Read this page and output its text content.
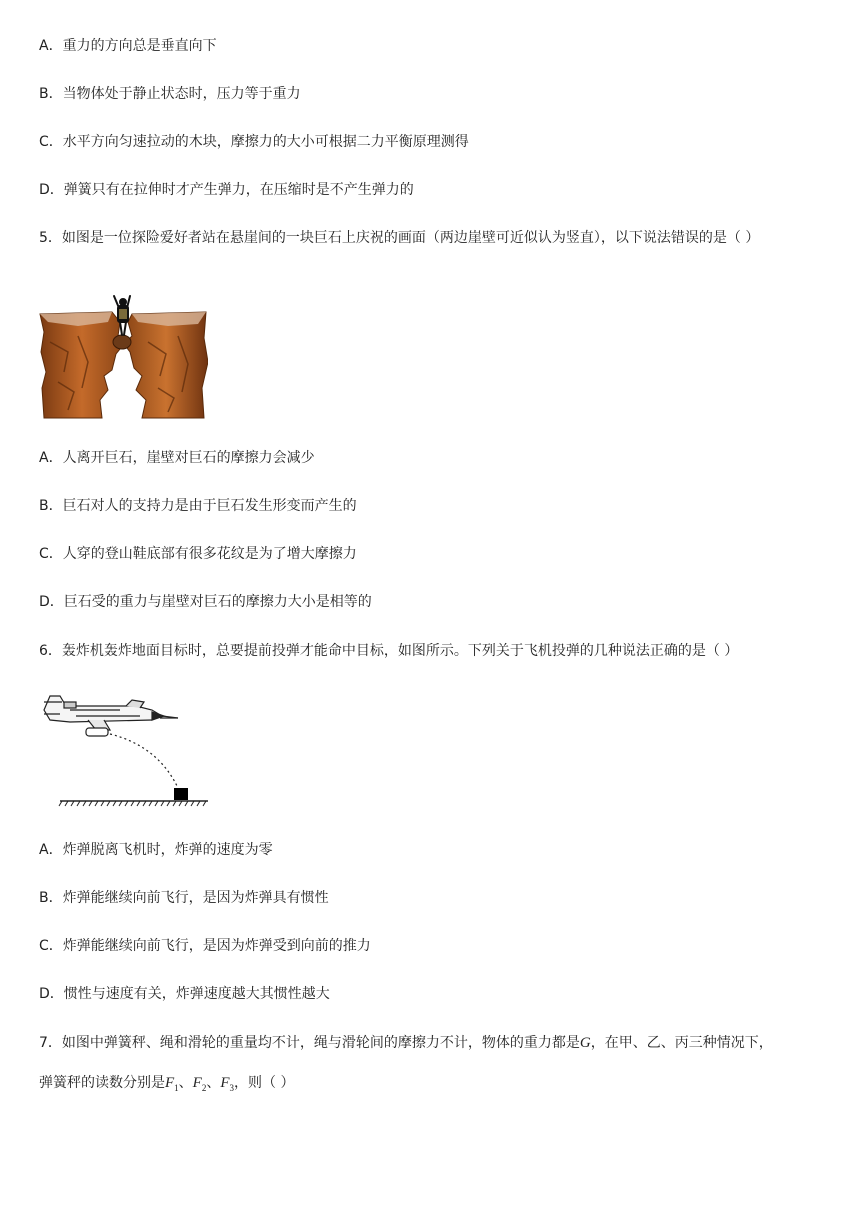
A．重力的方向总是垂直向下
B．当物体处于静止状态时，压力等于重力
C．水平方向匀速拉动的木块，摩擦力的大小可根据二力平衡原理测得
D．弹簧只有在拉伸时才产生弹力，在压缩时是不产生弹力的
5．如图是一位探险爱好者站在悬崖间的一块巨石上庆祝的画面（两边崖壁可近似认为竖直），以下说法错误的是（ ）
A．人离开巨石，崖壁对巨石的摩擦力会减少
B．巨石对人的支持力是由于巨石发生形变而产生的
C．人穿的登山鞋底部有很多花纹是为了增大摩擦力
D．巨石受的重力与崖壁对巨石的摩擦力大小是相等的
6．轰炸机轰炸地面目标时，总要提前投弹才能命中目标，如图所示。下列关于飞机投弹的几种说法正确的是（ ）
A．炸弹脱离飞机时，炸弹的速度为零
B．炸弹能继续向前飞行，是因为炸弹具有惯性
C．炸弹能继续向前飞行，是因为炸弹受到向前的推力
D．惯性与速度有关，炸弹速度越大其惯性越大
7．如图中弹簧秤、绳和滑轮的重量均不计，绳与滑轮间的摩擦力不计，物体的重力都是G，在甲、乙、丙三种情况下，
弹簧秤的读数分别是$F_1$、$F_2$、$F_3$，则（ ）
